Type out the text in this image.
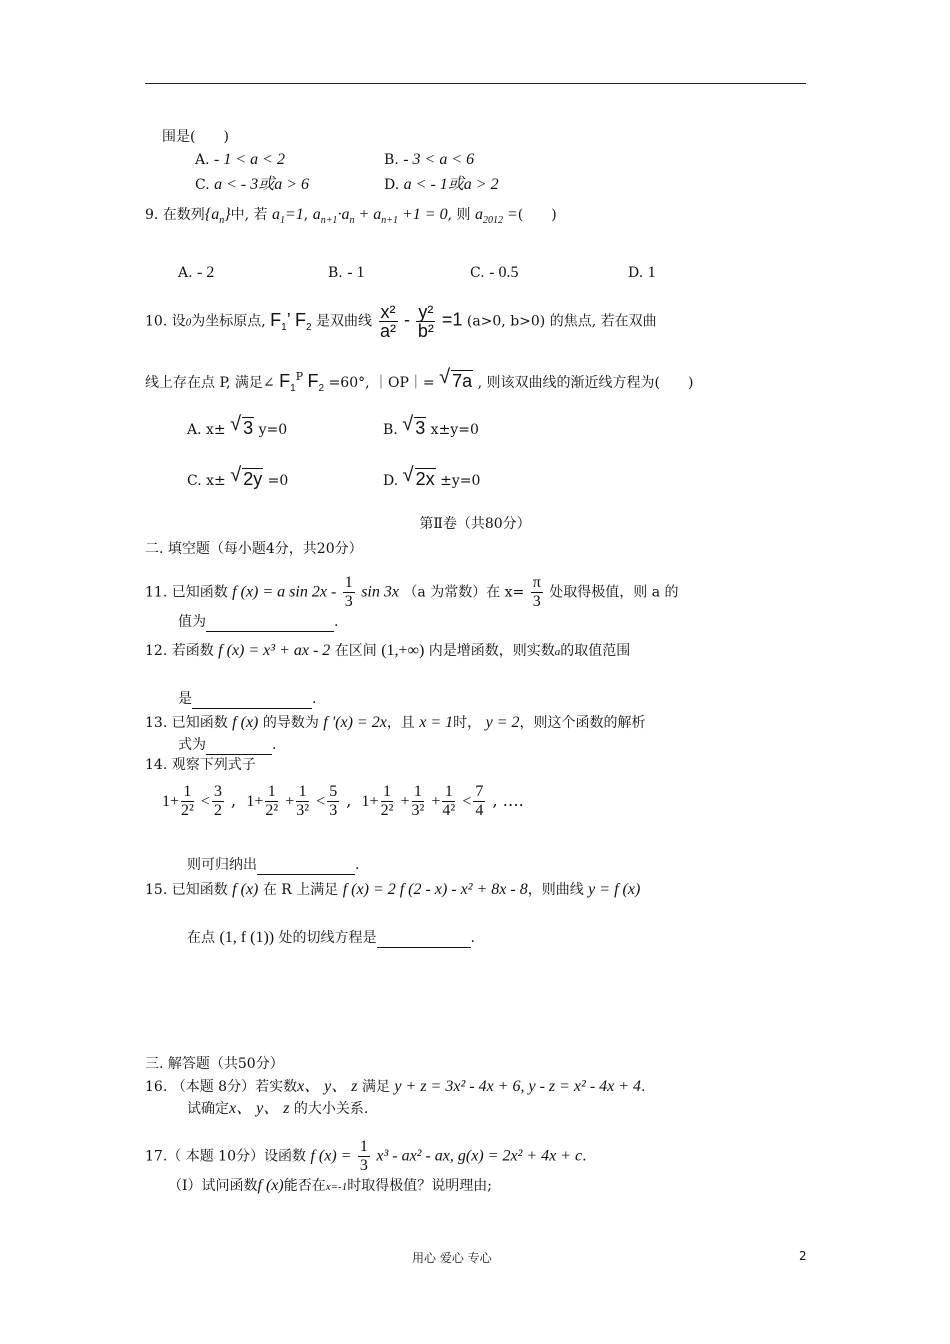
围是(　　)
A. - 1 < a < 2	B. - 3 < a < 6
C. a < - 3或a > 6	D. a < - 1或a > 2
9. 在数列$\{a_n\}$中, 若 $a_1=1$, $a_{n+1}\cdot a_n + a_{n+1} +1 = 0$, 则 $a_{2012}$ =(　　)
A. - 2	B. - 1	C. - 0.5	D. 1
10. 设0为坐标原点, $F_1$’ $F_2$ 是双曲线 $\frac{\text{x²}}{\text{a²}} - \frac{\text{y²}}{\text{b²}} =1$ (a>0, b>0) 的焦点, 若在双曲
线上存在点 P, 满足∠ $F_1^P$ $F_2 =60^\circ$, ｜OP｜= √ 7a , 则该双曲线的渐近线方程为(　　)
A. x± √ 3 y=0	B. √ 3 x±y=0
C. x± √ 2y =0	D. √ 2x ±y=0
第Ⅱ卷（共80分）
二. 填空题（每小题4分，共20分）
11. 已知函数 f (x) = a $\sin 2x - \frac{1}{3}$ sin 3x （a 为常数）在 $x= \frac{\pi}{3}$ 处取得极值，则 a 的
值为	.
12. 若函数 f (x) = x³ + ax - 2 在区间 (1,+∞) 内是增函数，则实数a的取值范围
是	.
13. 已知函数 f (x) 的导数为 f '(x) = 2x，且 x = 1时， y = 2，则这个函数的解析
式为	.
14. 观察下列式子
$1+ \frac{1}{\text{2²}} < \frac{3}{2}$ , $1+ \frac{1}{\text{2²}} + \frac{1}{\text{3²}} < \frac{5}{3}$ , $1+ \frac{1}{\text{2²}} + \frac{1}{\text{3²}} + \frac{1}{\text{4²}} < \frac{7}{4}$ , ….
则可归纳出	.
15. 已知函数 f (x) 在 R 上满足 f (x) = 2 f (2 - x) - x² + 8x - 8，则曲线 y = f (x)
在点 (1, f (1)) 处的切线方程是	.
三. 解答题（共50分）
16. （本题 8分）若实数x、 y、 z 满足 y + z = 3x² - 4x + 6, y - z = x² - 4x + 4.
试确定x、 y、 z 的大小关系.
17.（ 本题 10分）设函数 f $(x) = \frac{1}{3} x^3 - ax^2$ - ax, g(x) = 2x² + 4x + c.
（Ⅰ）试问函数f (x)能否在x=-1时取得极值？说明理由;
用心 爱心 专心	2
